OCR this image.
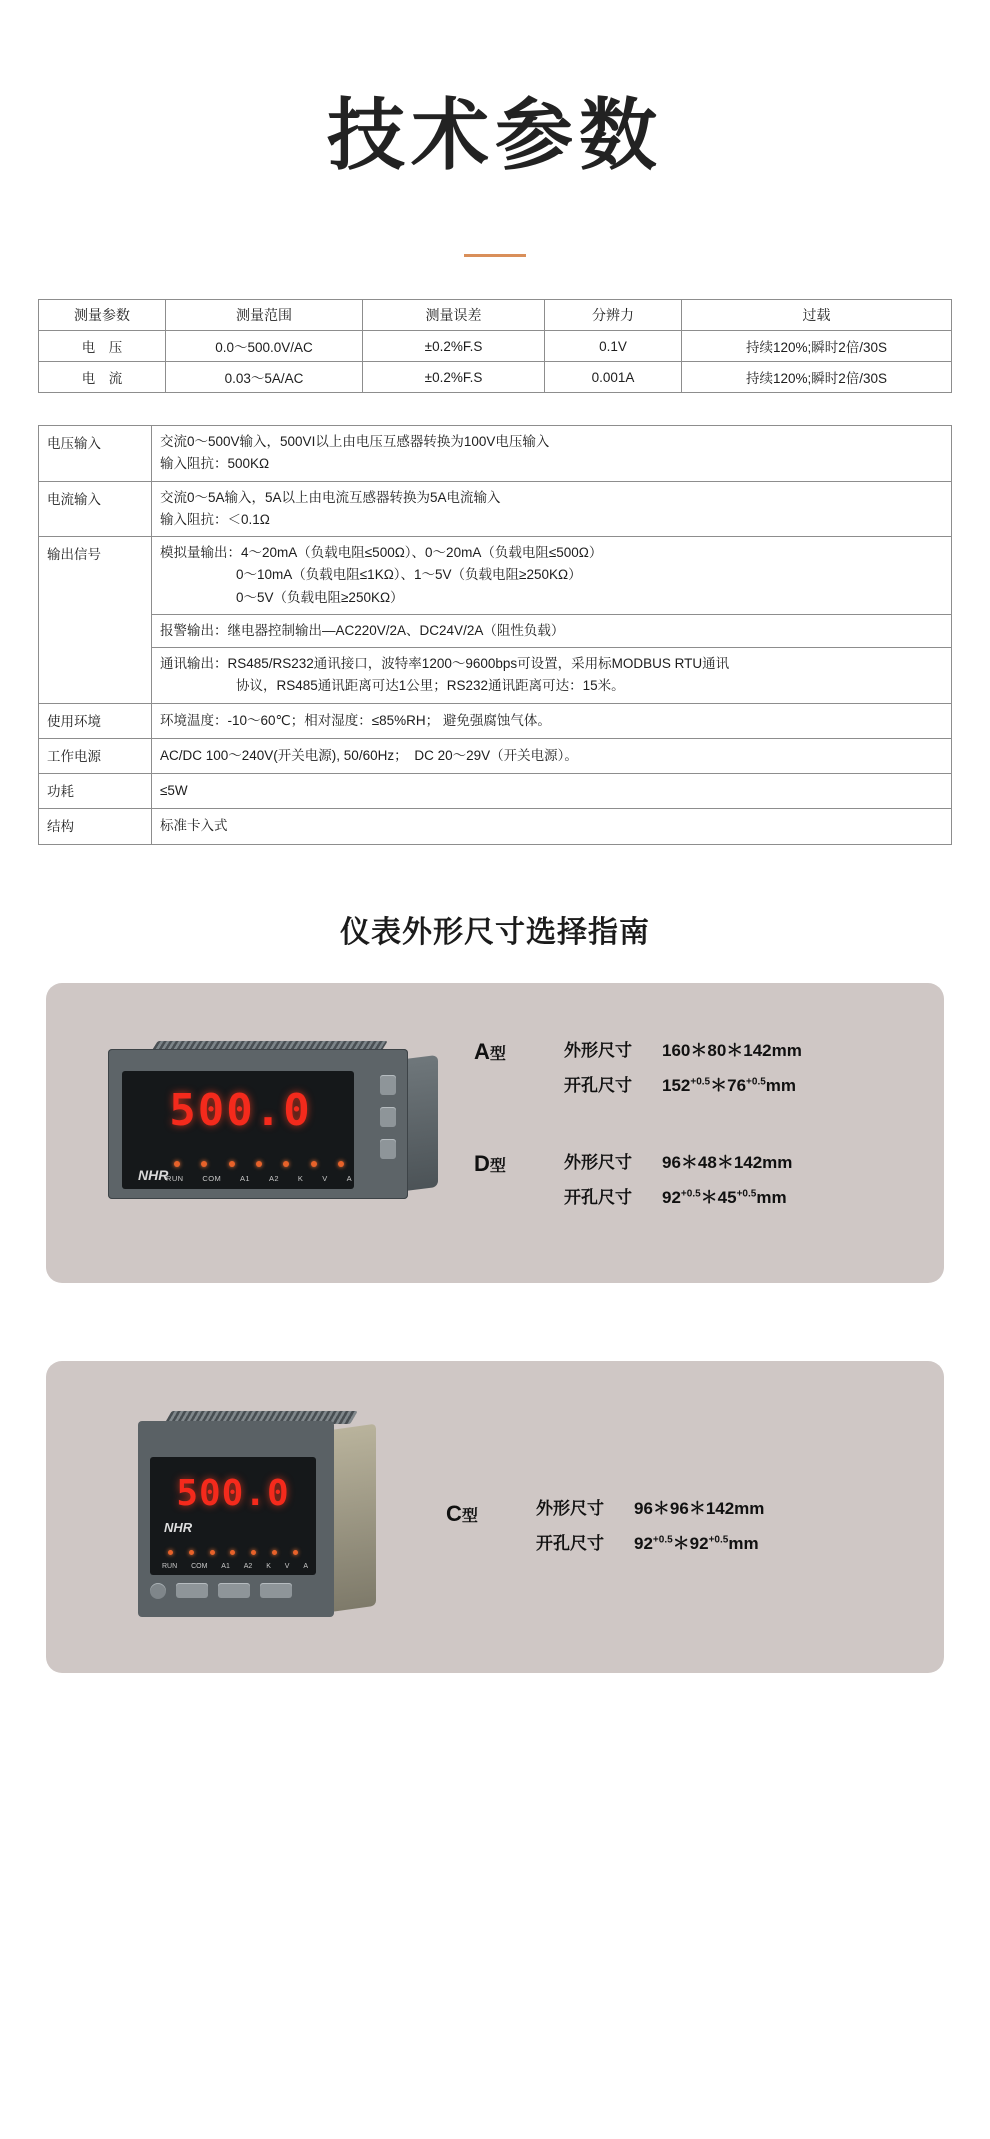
技术参数
测量参数	测量范围	测量误差	分辨力	过载
电　压	0.0～500.0V/AC	±0.2%F.S	0.1V	持续120%;瞬时2倍/30S
电　流	0.03～5A/AC	±0.2%F.S	0.001A	持续120%;瞬时2倍/30S
电压输入	交流0～500V输入，500VI以上由电压互感器转换为100V电压输入
输入阻抗：500KΩ

电流输入	交流0～5A输入，5A以上由电流互感器转换为5A电流输入
输入阻抗：＜0.1Ω

输出信号	模拟量输出：4～20mA（负载电阻≤500Ω）、0～20mA（负载电阻≤500Ω）
0～10mA（负载电阻≤1KΩ）、1～5V（负载电阻≥250KΩ）
0～5V（负载电阻≥250KΩ）

	报警输出：继电器控制输出—AC220V/2A、DC24V/2A（阻性负载）

	通讯输出：RS485/RS232通讯接口，波特率1200～9600bps可设置，采用标MODBUS RTU通讯
协议，RS485通讯距离可达1公里；RS232通讯距离可达：15米。

使用环境	环境温度：-10～60℃；相对湿度：≤85%RH； 避免强腐蚀气体。
工作电源	AC/DC 100～240V(开关电源), 50/60Hz；　DC 20～29V（开关电源）。
功耗	≤5W
结构	标准卡入式
仪表外形尺寸选择指南
500.0
NHR
RUN	COM	A1	A2	K	V	A
A型	外形尺寸 160＊80＊142mm
开孔尺寸 $152^{+0.5}*76^{+0.5}mm$
D型	外形尺寸 96＊48＊142mm
开孔尺寸 $92^{+0.5}*45^{+0.5}mm$
500.0
NHR
RUN COM A1 A2 K V A
C型	外形尺寸 96＊96＊142mm
开孔尺寸 $92^{+0.5}*92^{+0.5}mm$
